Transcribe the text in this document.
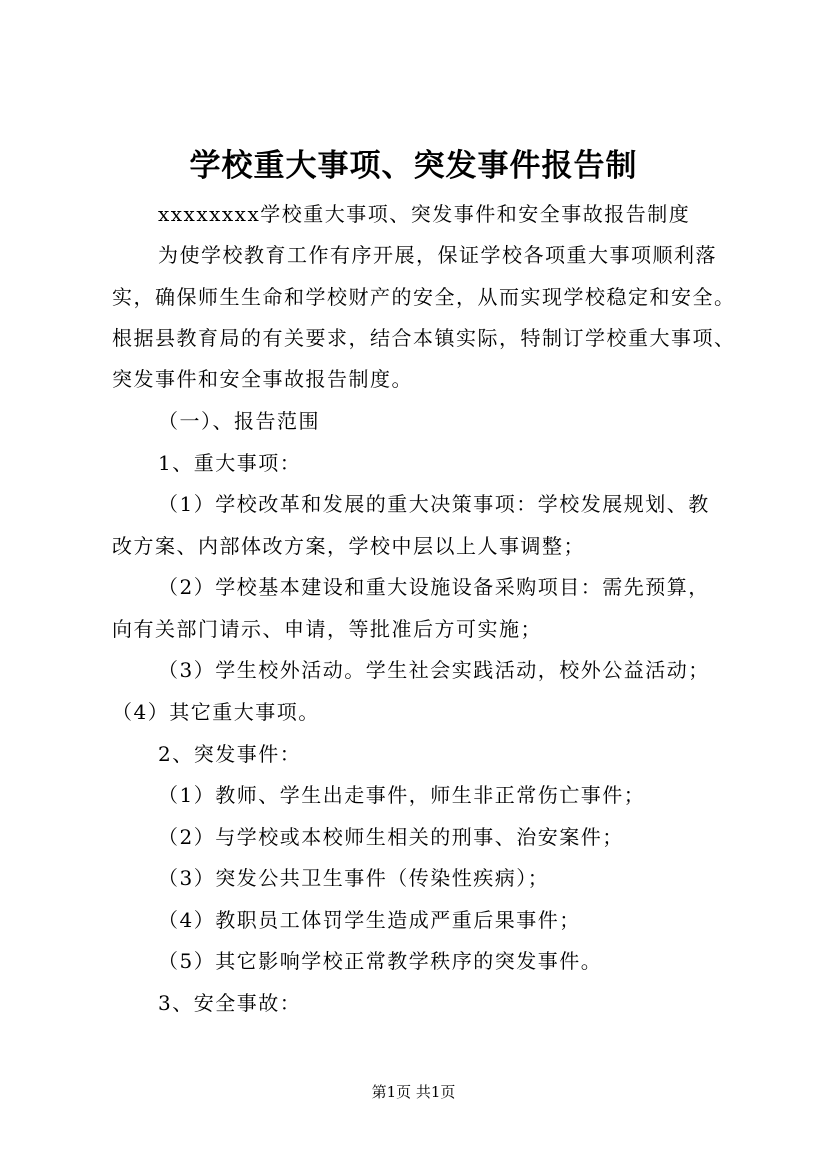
学校重大事项、突发事件报告制
xxxxxxxx学校重大事项、突发事件和安全事故报告制度
为使学校教育工作有序开展，保证学校各项重大事项顺利落
实，确保师生生命和学校财产的安全，从而实现学校稳定和安全。
根据县教育局的有关要求，结合本镇实际，特制订学校重大事项、
突发事件和安全事故报告制度。
（一）、报告范围
1、重大事项：
（1）学校改革和发展的重大决策事项：学校发展规划、教
改方案、内部体改方案，学校中层以上人事调整；
（2）学校基本建设和重大设施设备采购项目：需先预算，
向有关部门请示、申请，等批准后方可实施；
（3）学生校外活动。学生社会实践活动，校外公益活动；
（4）其它重大事项。
2、突发事件：
（1）教师、学生出走事件，师生非正常伤亡事件；
（2）与学校或本校师生相关的刑事、治安案件；
（3）突发公共卫生事件（传染性疾病）；
（4）教职员工体罚学生造成严重后果事件；
（5）其它影响学校正常教学秩序的突发事件。
3、安全事故：
第1页 共1页
